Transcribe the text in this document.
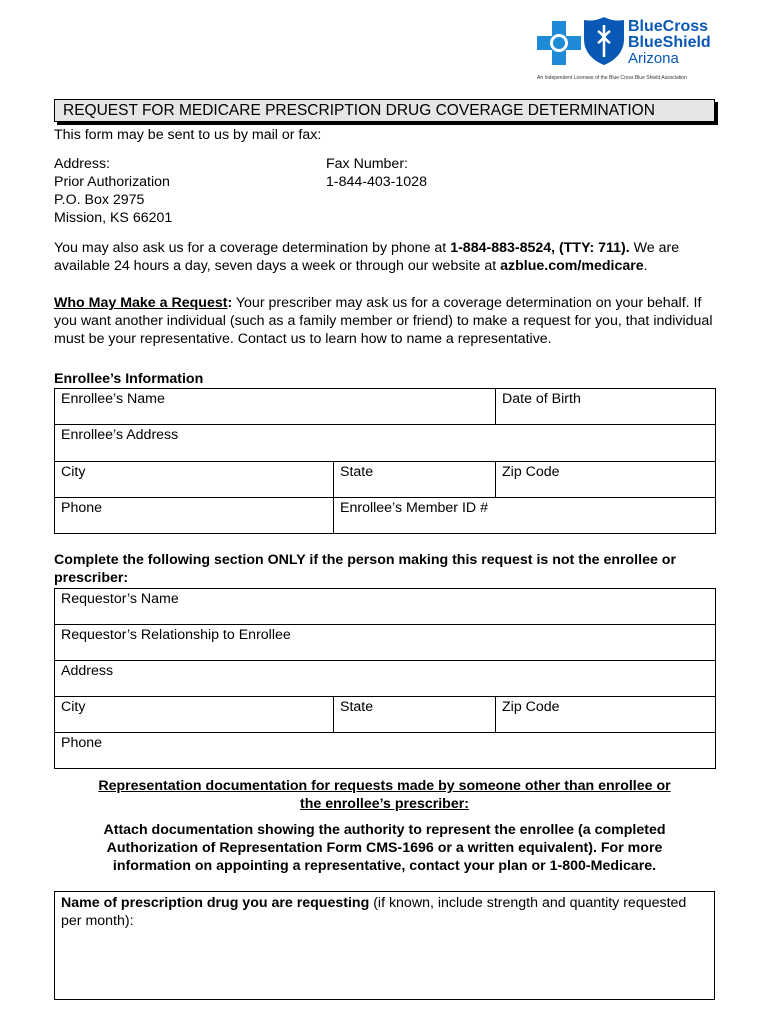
BlueCross
BlueShield
Arizona
An Independent Licensee of the Blue Cross Blue Shield Association
REQUEST FOR MEDICARE PRESCRIPTION DRUG COVERAGE DETERMINATION
This form may be sent to us by mail or fax:
Address:
Prior Authorization
P.O. Box 2975
Mission, KS 66201
Fax Number:
1-844-403-1028
You may also ask us for a coverage determination by phone at 1-884-883-8524, (TTY: 711). We are available 24 hours a day, seven days a week or through our website at azblue.com/medicare.
Who May Make a Request: Your prescriber may ask us for a coverage determination on your behalf. If you want another individual (such as a family member or friend) to make a request for you, that individual must be your representative. Contact us to learn how to name a representative.
Enrollee’s Information
Enrollee’s Name		Date of Birth
Enrollee’s Address		
City	State	Zip Code
Phone	Enrollee’s Member ID #	
Complete the following section ONLY if the person making this request is not the enrollee or prescriber:
Requestor’s Name
Requestor’s Relationship to Enrollee
Address
City	State	Zip Code
Phone
Representation documentation for requests made by someone other than enrollee or the enrollee’s prescriber:
Attach documentation showing the authority to represent the enrollee (a completed Authorization of Representation Form CMS-1696 or a written equivalent). For more information on appointing a representative, contact your plan or 1-800-Medicare.
Name of prescription drug you are requesting (if known, include strength and quantity requested per month):
